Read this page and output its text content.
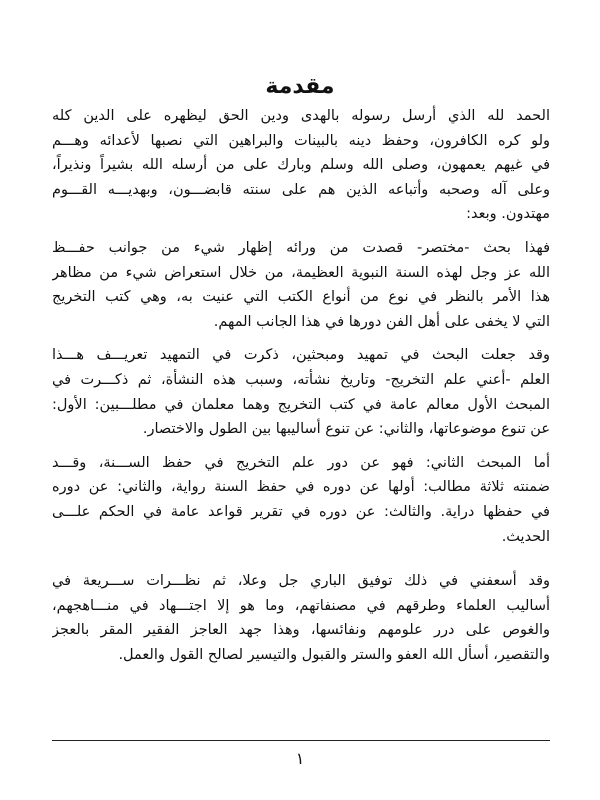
مقدمة
الحمد لله الذي أرسل رسوله بالهدى ودين الحق ليظهره على الدين كله
ولو كره الكافرون، وحفظ دينه بالبينات والبراهين التي نصبها لأعدائه وهـــم
في غيهم يعمهون، وصلى الله وسلم وبارك على من أرسله الله بشيراً ونذيراً،
وعلى آله وصحبه وأتباعه الذين هم على سنته قابضـــون، وبهديـــه القـــوم
مهتدون. وبعد:
فهذا بحث -مختصر- قصدت من ورائه إظهار شيء من جوانب حفـــظ
الله عز وجل لهذه السنة النبوية العظيمة، من خلال استعراض شيء من مظاهر
هذا الأمر بالنظر في نوع من أنواع الكتب التي عنيت به، وهي كتب التخريج
التي لا يخفى على أهل الفن دورها في هذا الجانب المهم.
وقد جعلت البحث في تمهيد ومبحثين، ذكرت في التمهيد تعريـــف هـــذا
العلم -أعني علم التخريج- وتاريخ نشأته، وسبب هذه النشأة، ثم ذكـــرت في
المبحث الأول معالم عامة في كتب التخريج وهما معلمان في مطلـــبين: الأول:
عن تنوع موضوعاتها، والثاني: عن تنوع أساليبها بين الطول والاختصار.
أما المبحث الثاني: فهو عن دور علم التخريج في حفظ الســـنة، وقـــد
ضمنته ثلاثة مطالب: أولها عن دوره في حفظ السنة رواية، والثاني: عن دوره
في حفظها دراية. والثالث: عن دوره في تقرير قواعد عامة في الحكم علـــى
الحديث.
وقد أسعفني في ذلك توفيق الباري جل وعلا، ثم نظـــرات ســـريعة في
أساليب العلماء وطرقهم في مصنفاتهم، وما هو إلا اجتـــهاد في منـــاهجهم،
والغوص على درر علومهم ونفائسها، وهذا جهد العاجز الفقير المقر بالعجز
والتقصير، أسأل الله العفو والستر والقبول والتيسير لصالح القول والعمل.
١
